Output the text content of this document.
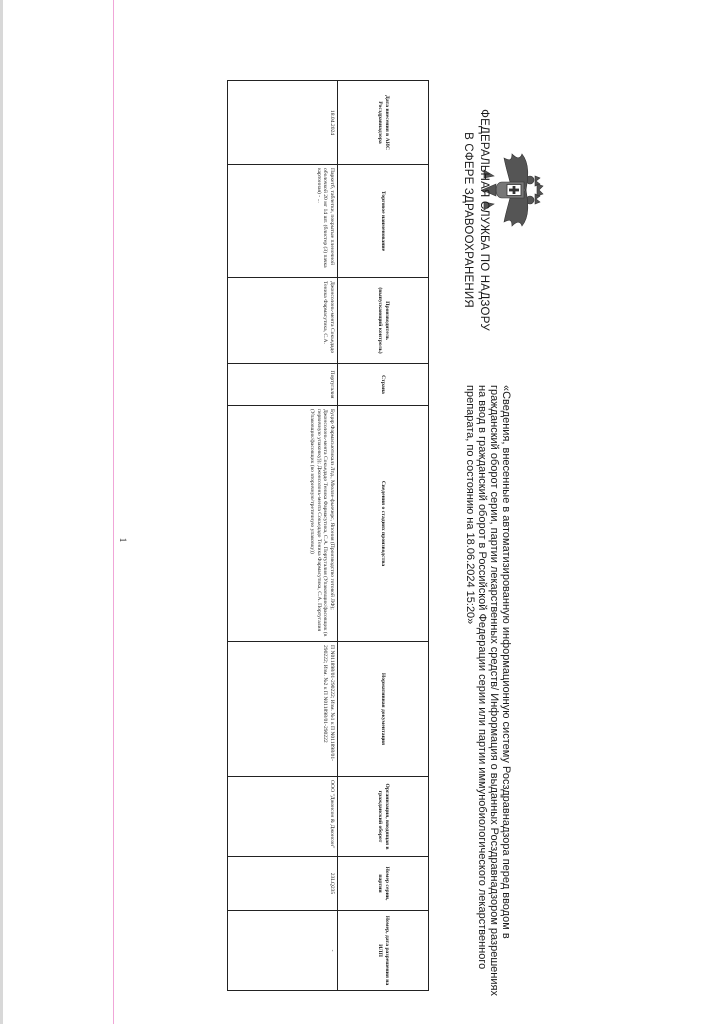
ФЕДЕРАЛЬНАЯ СЛУЖБА ПО НАДЗОРУ
В СФЕРЕ ЗДРАВООХРАНЕНИЯ
«Сведения, внесенные в автоматизированную информационную систему Росздравнадзора перед вводом в
гражданский оборот серии, партии лекарственных средств/ Информация о выданных Росздравнадзором разрешениях
на ввод в гражданский оборот в Российской Федерации серии или партии иммунобиологического лекарственного
препарата, по состоянию на 18.06.2024 15:20»
Дата внесения в АИС Росздравнадзора	Торговое наименование	Производитель (выпускающий контроль)	Страна	Сведения о стадиях производства	Нормативная документация	Организация, вводящая в гражданский оборот	Номер серии, партии	Номер, дата разрешения на ИЛП
18.04.2024	Паркетб, таблетки, покрытые пленочной оболочкой 20 мг 14 шт. (блистер (3) пачка картонная) - ...	Джонсолонь-мента Сокьедадо Теника Фармасутика, С.А.	Португалия	Буцир Фармасьютикалз Лтд., Мюлле-фьючерс, Япония (Производство готовой ЛФ); Джонсолонь-мента Сокьедадо Теника Фармасутика, С.А. Португалия (Упаковщик/фасовщик (в первичную упаковку)); Джонсолонь-мента Сокьедадо Теника Фармасутика, С.А. Португалия (Упаковщик/фасовщик (во вторичную/третичную упаковку))	П N011898/01-290222; Изм. №1 к П N011898/01-290222; Изм. №2 к П N011898/01-290222	ООО "Джонсон & Джонсон"	23LQ235	-
1
